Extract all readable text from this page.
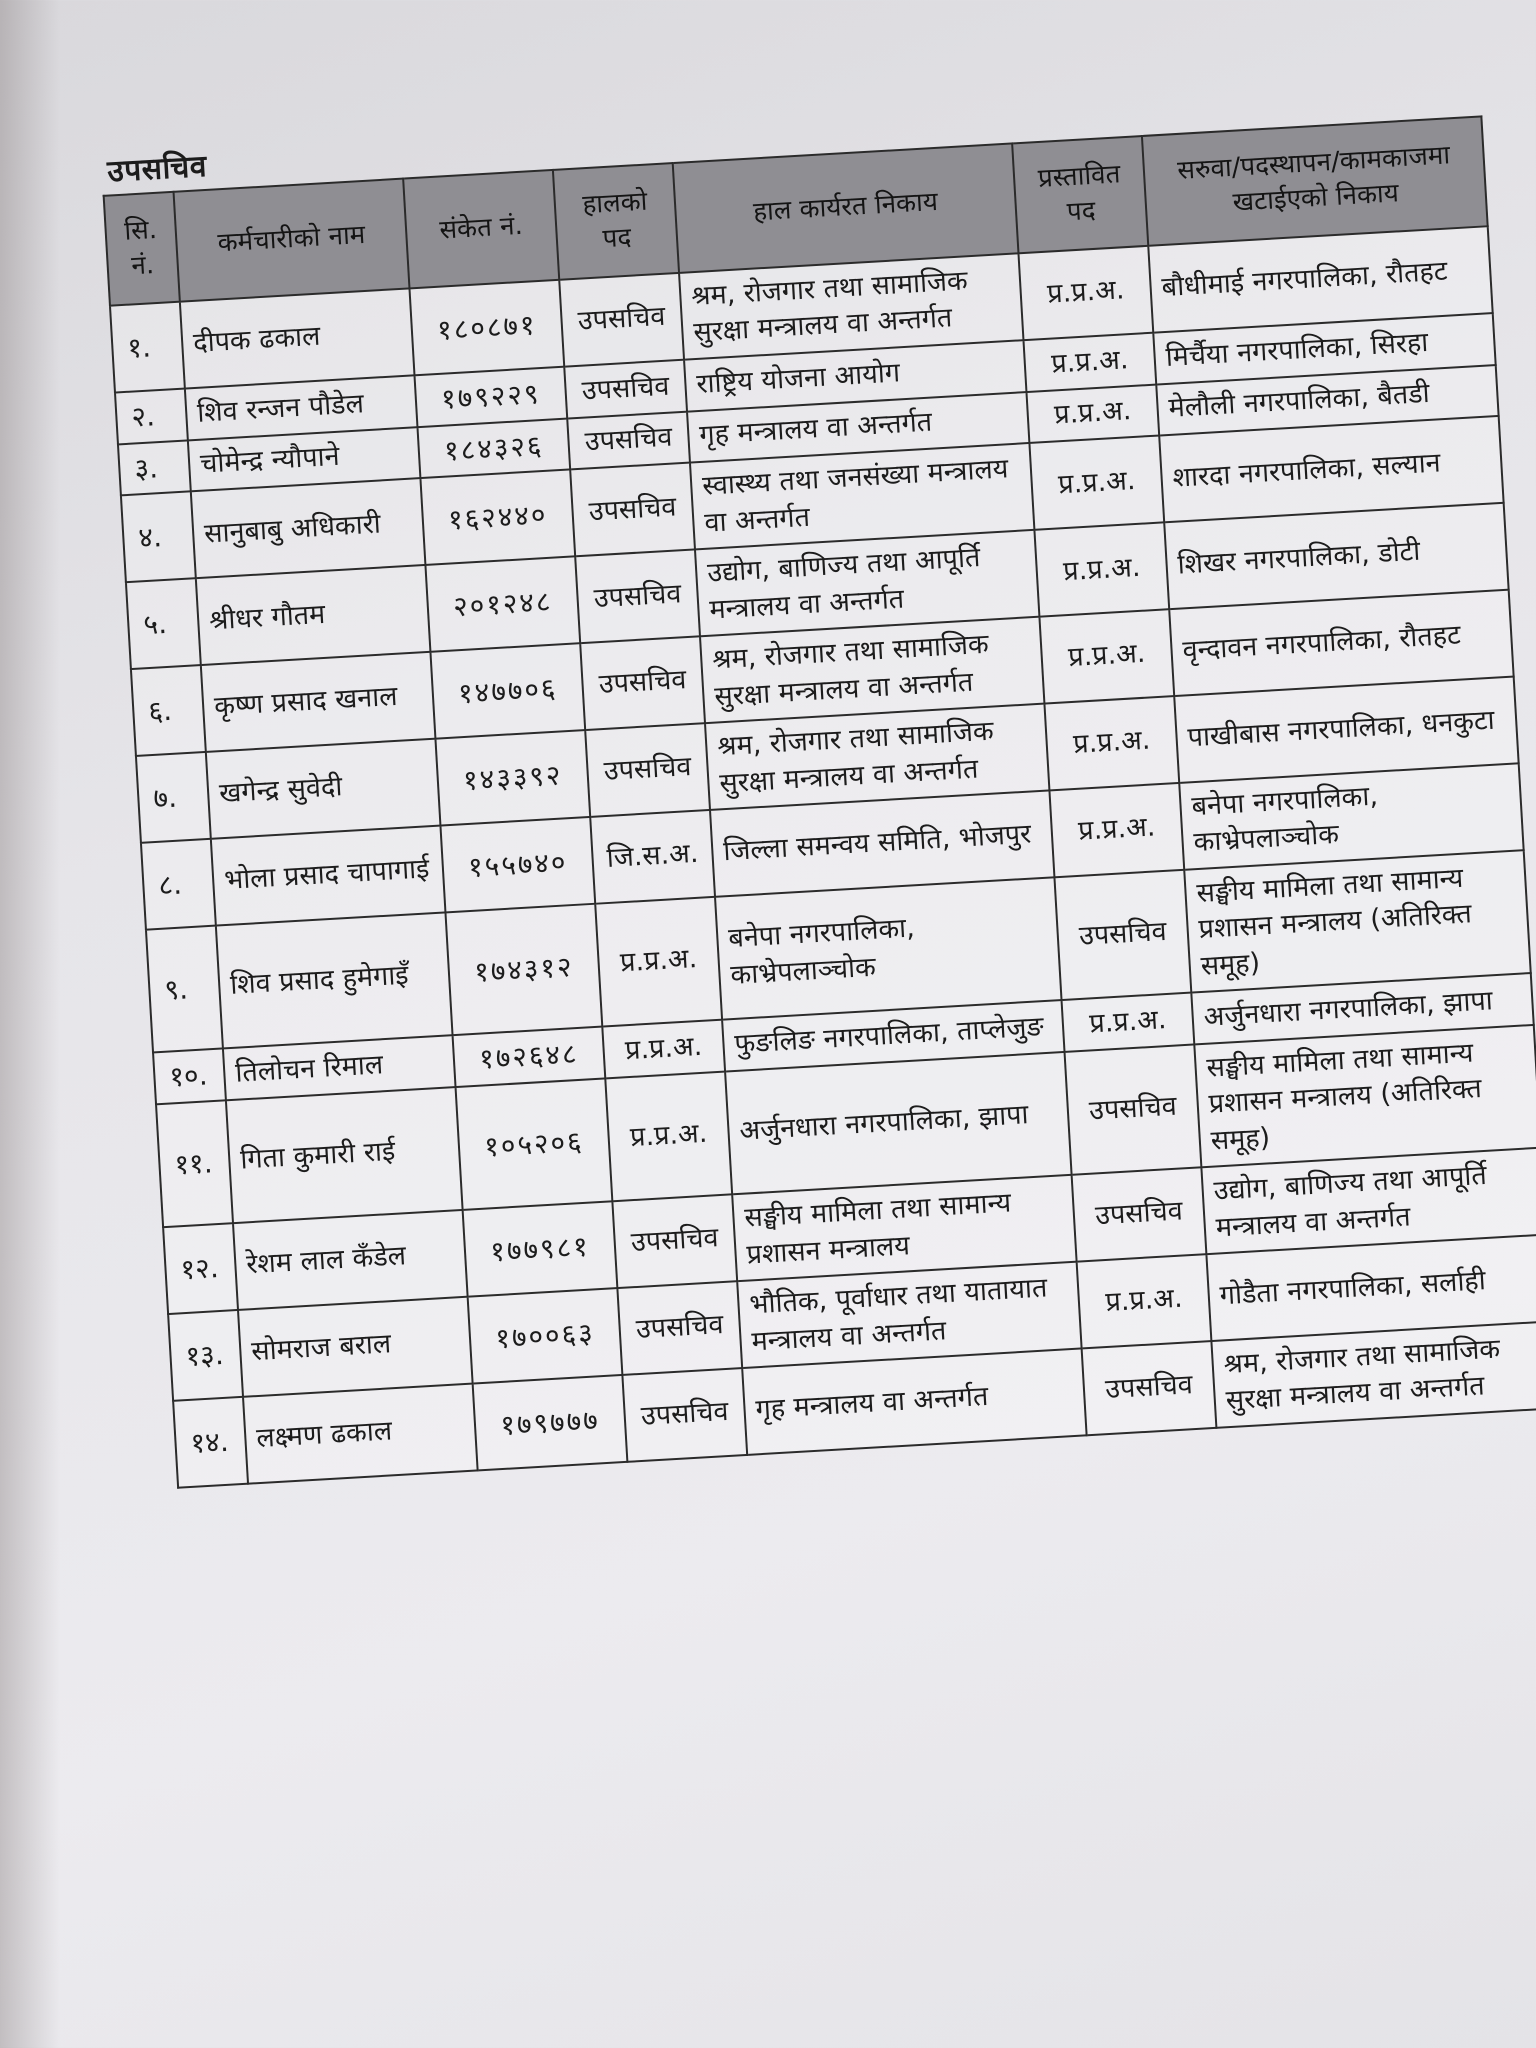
उपसचिव
सि. नं.	कर्मचारीको नाम	संकेत नं.	हालको पद	हाल कार्यरत निकाय	प्रस्तावित पद	सरुवा/पदस्थापन/कामकाजमा खटाईएको निकाय
१.	दीपक ढकाल	१८०८७१	उपसचिव	श्रम, रोजगार तथा सामाजिक सुरक्षा मन्त्रालय वा अन्तर्गत	प्र.प्र.अ.	बौधीमाई नगरपालिका, रौतहट
२.	शिव रन्जन पौडेल	१७९२२९	उपसचिव	राष्ट्रिय योजना आयोग	प्र.प्र.अ.	मिर्चैया नगरपालिका, सिरहा
३.	चोमेन्द्र न्यौपाने	१८४३२६	उपसचिव	गृह मन्त्रालय वा अन्तर्गत	प्र.प्र.अ.	मेलौली नगरपालिका, बैतडी
४.	सानुबाबु अधिकारी	१६२४४०	उपसचिव	स्वास्थ्य तथा जनसंख्या मन्त्रालय वा अन्तर्गत	प्र.प्र.अ.	शारदा नगरपालिका, सल्यान
५.	श्रीधर गौतम	२०१२४८	उपसचिव	उद्योग, बाणिज्य तथा आपूर्ति मन्त्रालय वा अन्तर्गत	प्र.प्र.अ.	शिखर नगरपालिका, डोटी
६.	कृष्ण प्रसाद खनाल	१४७७०६	उपसचिव	श्रम, रोजगार तथा सामाजिक सुरक्षा मन्त्रालय वा अन्तर्गत	प्र.प्र.अ.	वृन्दावन नगरपालिका, रौतहट
७.	खगेन्द्र सुवेदी	१४३३९२	उपसचिव	श्रम, रोजगार तथा सामाजिक सुरक्षा मन्त्रालय वा अन्तर्गत	प्र.प्र.अ.	पाखीबास नगरपालिका, धनकुटा
८.	भोला प्रसाद चापागाई	१५५७४०	जि.स.अ.	जिल्ला समन्वय समिति, भोजपुर	प्र.प्र.अ.	बनेपा नगरपालिका, काभ्रेपलाञ्चोक
९.	शिव प्रसाद हुमेगाइँ	१७४३१२	प्र.प्र.अ.	बनेपा नगरपालिका, काभ्रेपलाञ्चोक	उपसचिव	सङ्घीय मामिला तथा सामान्य प्रशासन मन्त्रालय (अतिरिक्त समूह)
१०.	तिलोचन रिमाल	१७२६४८	प्र.प्र.अ.	फुङलिङ नगरपालिका, ताप्लेजुङ	प्र.प्र.अ.	अर्जुनधारा नगरपालिका, झापा
११.	गिता कुमारी राई	१०५२०६	प्र.प्र.अ.	अर्जुनधारा नगरपालिका, झापा	उपसचिव	सङ्घीय मामिला तथा सामान्य प्रशासन मन्त्रालय (अतिरिक्त समूह)
१२.	रेशम लाल कँडेल	१७७९८१	उपसचिव	सङ्घीय मामिला तथा सामान्य प्रशासन मन्त्रालय	उपसचिव	उद्योग, बाणिज्य तथा आपूर्ति मन्त्रालय वा अन्तर्गत
१३.	सोमराज बराल	१७००६३	उपसचिव	भौतिक, पूर्वाधार तथा यातायात मन्त्रालय वा अन्तर्गत	प्र.प्र.अ.	गोडैता नगरपालिका, सर्लाही
१४.	लक्ष्मण ढकाल	१७९७७७	उपसचिव	गृह मन्त्रालय वा अन्तर्गत	उपसचिव	श्रम, रोजगार तथा सामाजिक सुरक्षा मन्त्रालय वा अन्तर्गत
